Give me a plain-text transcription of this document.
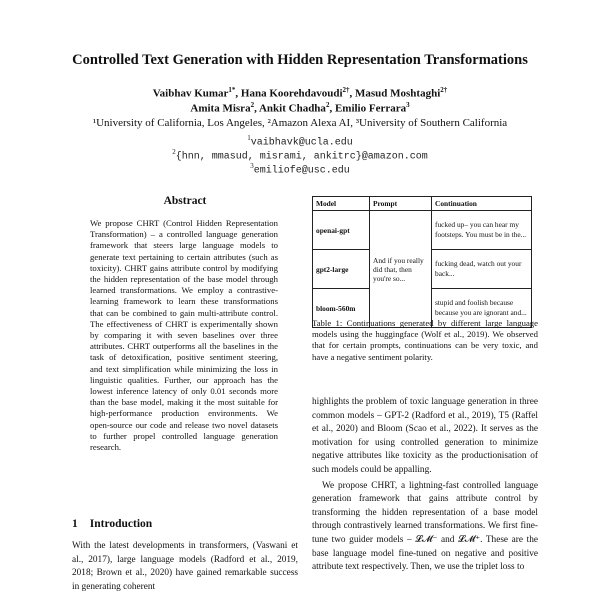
Controlled Text Generation with Hidden Representation Transformations
Vaibhav Kumar$^{1*}$, Hana Koorehdavoudi$^{2\dagger}$, Masud Moshtaghi$^{2\dagger}$
Amita Misra$^2$, Ankit Chadha$^2$, Emilio Ferrara$^3$
¹University of California, Los Angeles, ²Amazon Alexa AI, ³University of Southern California
$^1$vaibhavk@ucla.edu
$^2${hnn, mmasud, misrami, ankitrc}@amazon.com
$^3$emiliofe@usc.edu
Abstract
We propose CHRT (Control Hidden Representation Transformation) – a controlled language generation framework that steers large language models to generate text pertaining to certain attributes (such as toxicity). CHRT gains attribute control by modifying the hidden representation of the base model through learned transformations. We employ a contrastive-learning framework to learn these transformations that can be combined to gain multi-attribute control. The effectiveness of CHRT is experimentally shown by comparing it with seven baselines over three attributes. CHRT outperforms all the baselines in the task of detoxification, positive sentiment steering, and text simplification while minimizing the loss in linguistic qualities. Further, our approach has the lowest inference latency of only 0.01 seconds more than the base model, making it the most suitable for high-performance production environments. We open-source our code and release two novel datasets to further propel controlled language generation research.
1 Introduction
With the latest developments in transformers, (Vaswani et al., 2017), large language models (Radford et al., 2019, 2018; Brown et al., 2020) have gained remarkable success in generating coherent
Model	Prompt	Continuation
openai-gpt	And if you really did that, then you're so...	fucked up– you can hear my footsteps. You must be in the...
gpt2-large		fucking dead, watch out your back...
bloom-560m		stupid and foolish because because you are ignorant and...
Table 1: Continuations generated by different large language models using the huggingface (Wolf et al., 2019). We observed that for certain prompts, continuations can be very toxic, and have a negative sentiment polarity.

highlights the problem of toxic language generation in three common models – GPT-2 (Radford et al., 2019), T5 (Raffel et al., 2020) and Bloom (Scao et al., 2022). It serves as the motivation for using controlled generation to minimize negative attributes like toxicity as the productionisation of such models could be appalling.

We propose CHRT, a lightning-fast controlled language generation framework that gains attribute control by transforming the hidden representation of a base model through contrastively learned transformations. We first fine-tune two guider models – 𝓛𝓜⁻ and 𝓛𝓜⁺. These are the base language model fine-tuned on negative and positive attribute text respectively. Then, we use the triplet loss to
